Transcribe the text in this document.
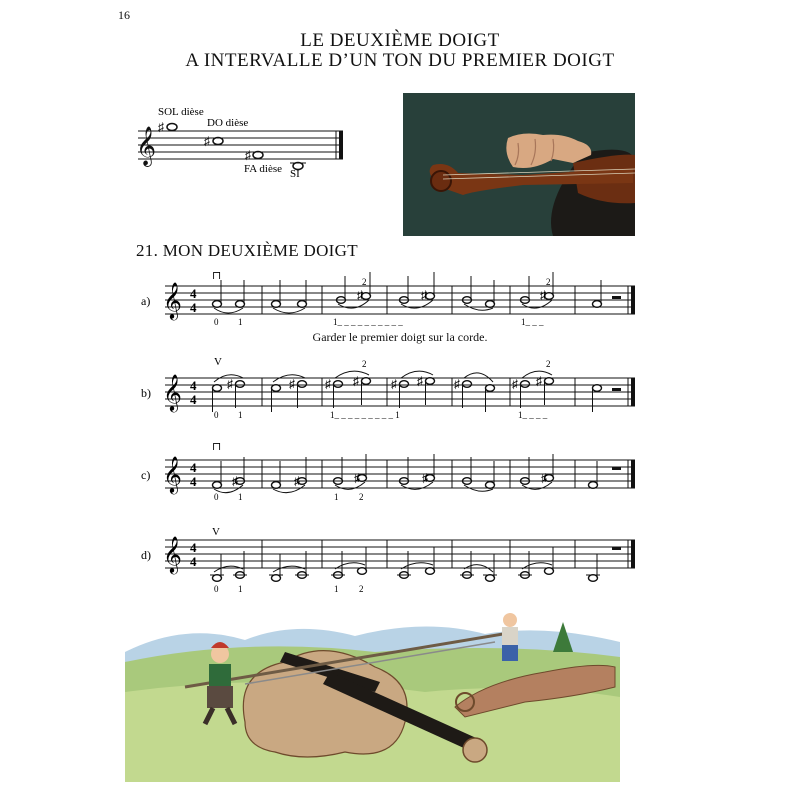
16
LE DEUXIÈME DOIGT
A INTERVALLE D’UN TON DU PREMIER DOIGT
𝄞
♯
♯
♯
SOL dièse
DO dièse
FA dièse SI
21. MON DEUXIÈME DOIGT
Garder le premier doigt sur la corde.
a) 𝄞 4
4
⊓
♯	♯	♯
0 1
2	2
1_ _ _ _ _ _ _ _ _ _	1_ _ _
b) 𝄞 4
4
V
♯	♯	♯ ♯	♯ ♯	♯	♯ ♯
0 1
2	2
1_ _ _ _ _ _ _ _ _ 1	1_ _ _ _
c) 𝄞 4
4
⊓
♯	♯	♯	♯	♯
0 1	1 2
d) 𝄞 4
4
V
0 1	1 2
